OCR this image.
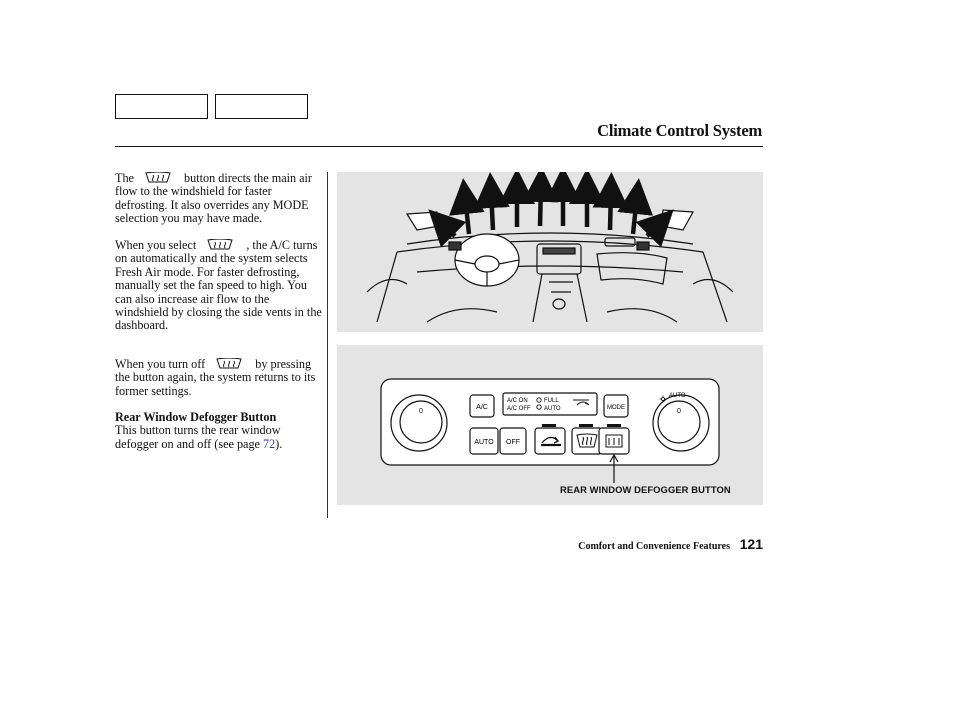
Climate Control System

The	button directs the main air flow to the windshield for faster defrosting. It also overrides any MODE selection you may have made.

When you select	, the A/C turns on automatically and the system selects Fresh Air mode. For faster defrosting, manually set the fan speed to high. You can also increase air flow to the windshield by closing the side vents in the dashboard.

When you turn off	by pressing the button again, the system returns to its former settings.

Rear Window Defogger Button
This button turns the rear window defogger on and off (see page 72).
A/C	MODE
AUTO OFF
A/C ON
A/C OFF
FULL
AUTO
AUTO
REAR WINDOW DEFOGGER BUTTON
Comfort and Convenience Features 121
